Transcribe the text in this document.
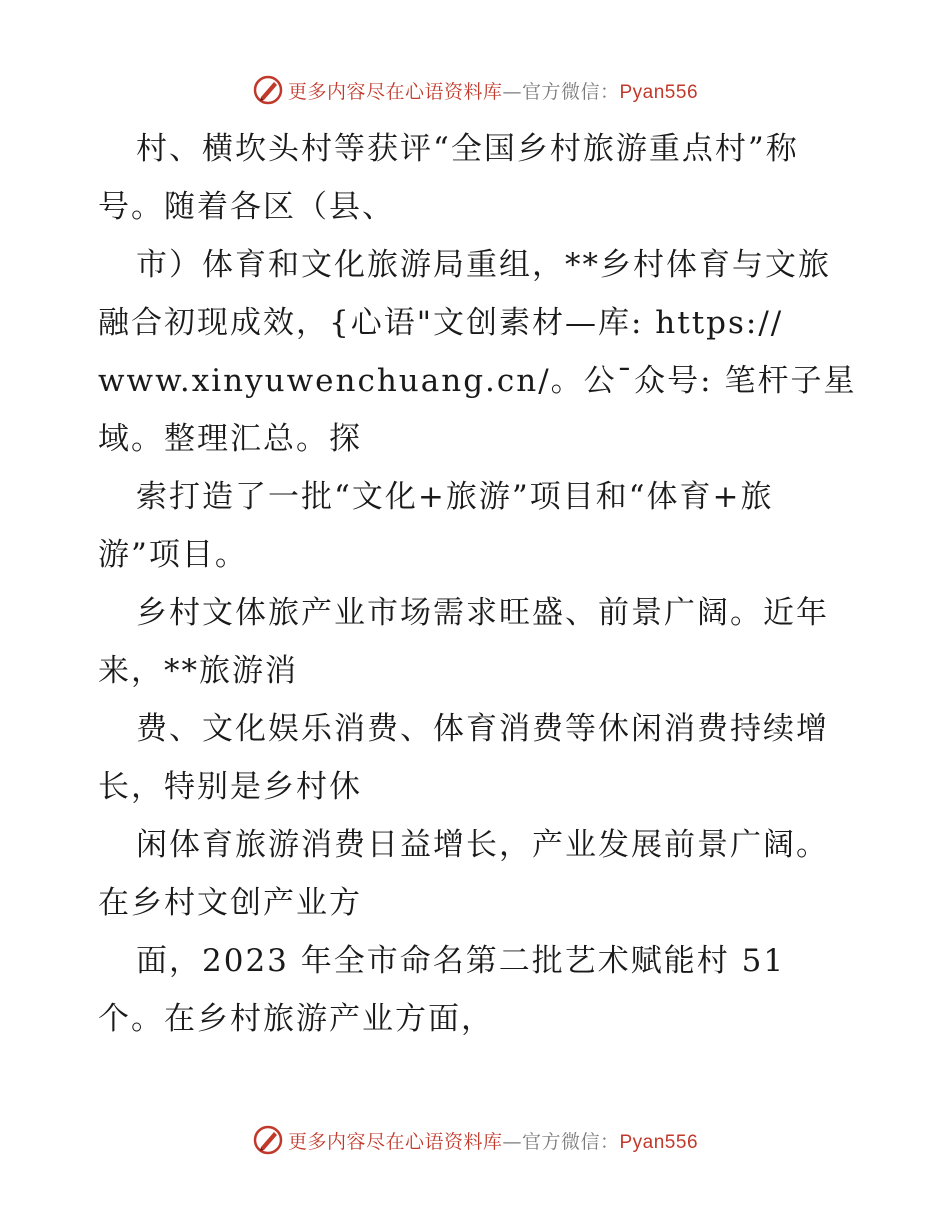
更多内容尽在心语资料库—官方微信：Pyan556
村、横坎头村等获评“全国乡村旅游重点村”称
号。随着各区（县、
市）体育和文化旅游局重组，**乡村体育与文旅
融合初现成效，{心语"文创素材—库: https://
www.xinyuwenchuang.cn/。公¯众号: 笔杆子星
域。整理汇总。探
索打造了一批“文化+旅游”项目和“体育+旅
游”项目。
乡村文体旅产业市场需求旺盛、前景广阔。近年
来，**旅游消
费、文化娱乐消费、体育消费等休闲消费持续增
长，特别是乡村休
闲体育旅游消费日益增长，产业发展前景广阔。
在乡村文创产业方
面，2023 年全市命名第二批艺术赋能村 51
个。在乡村旅游产业方面，
更多内容尽在心语资料库—官方微信：Pyan556
